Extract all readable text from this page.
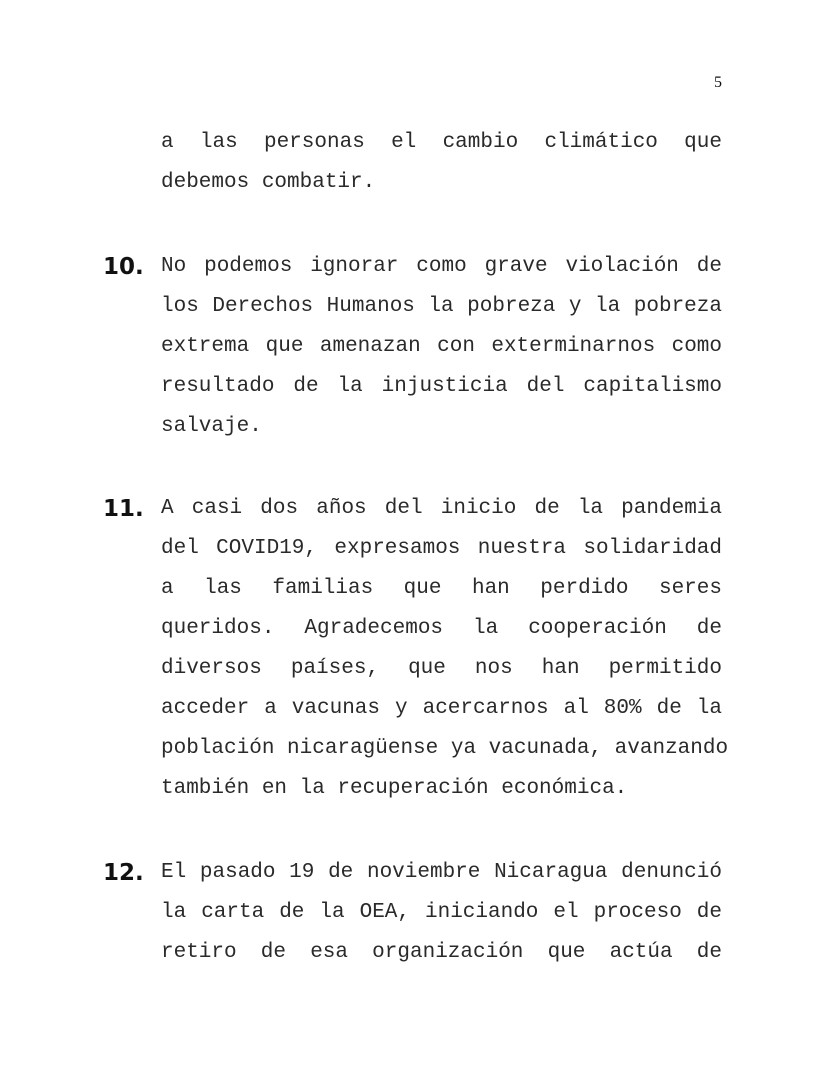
5
a las personas el cambio climático que
debemos combatir.
10. No podemos ignorar como grave violación de
los Derechos Humanos la pobreza y la pobreza
extrema que amenazan con exterminarnos como
resultado de la injusticia del capitalismo
salvaje.
11. A casi dos años del inicio de la pandemia
del COVID19, expresamos nuestra solidaridad
a las familias que han perdido seres
queridos. Agradecemos la cooperación de
diversos países, que nos han permitido
acceder a vacunas y acercarnos al 80% de la
población nicaragüense ya vacunada, avanzando
también en la recuperación económica.
12. El pasado 19 de noviembre Nicaragua denunció
la carta de la OEA, iniciando el proceso de
retiro de esa organización que actúa de
